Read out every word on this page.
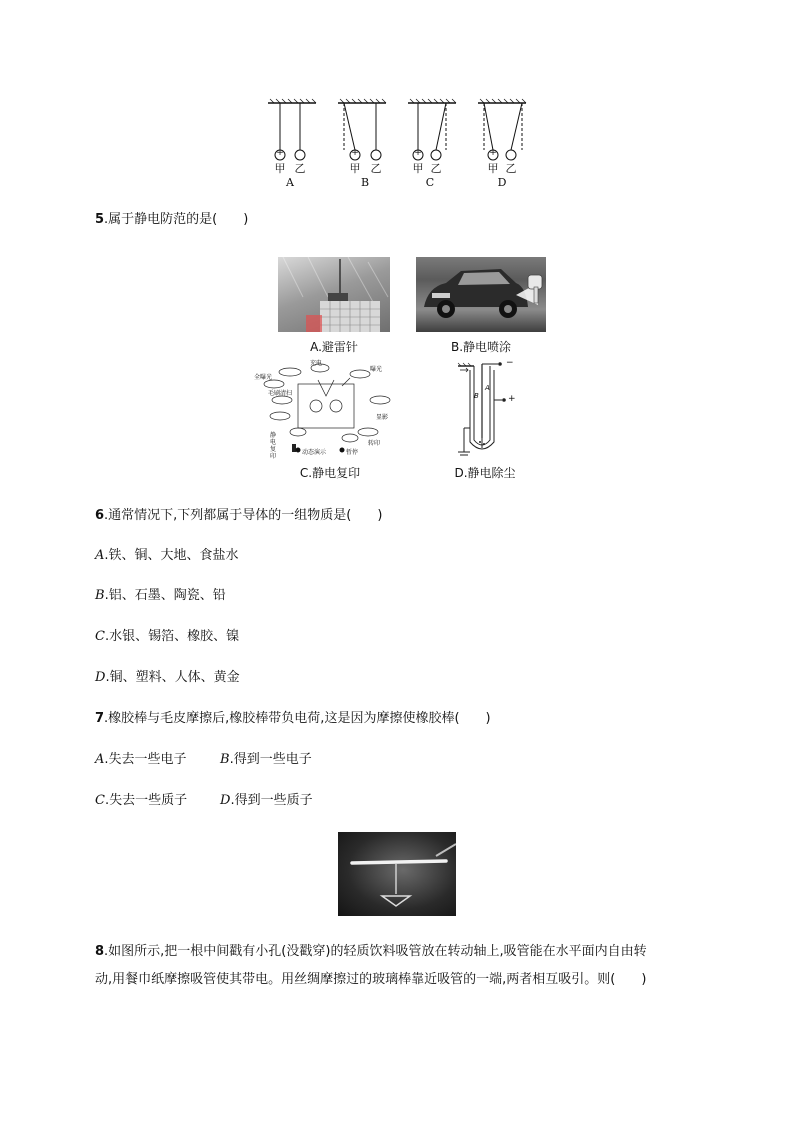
+	+	+	+
甲 乙	甲 乙	甲 乙	甲 乙
A	B	C	D
5.属于静电防范的是(　　)
A.避雷针	B.静电喷涂
充电
曝光
全曝光
毛刷清扫
显影
转印
静电复印
动态演示	暂停
C.静电复印
−
+
A
B
D.静电除尘
6.通常情况下,下列都属于导体的一组物质是(　　)
A.铁、铜、大地、食盐水
B.铝、石墨、陶瓷、铅
C.水银、锡箔、橡胶、镍
D.铜、塑料、人体、黄金
7.橡胶棒与毛皮摩擦后,橡胶棒带负电荷,这是因为摩擦使橡胶棒(　　)
A.失去一些电子	B.得到一些电子
C.失去一些质子	D.得到一些质子
8.如图所示,把一根中间戳有小孔(没戳穿)的轻质饮料吸管放在转动轴上,吸管能在水平面内自由转
动,用餐巾纸摩擦吸管使其带电。用丝绸摩擦过的玻璃棒靠近吸管的一端,两者相互吸引。则(　　)
